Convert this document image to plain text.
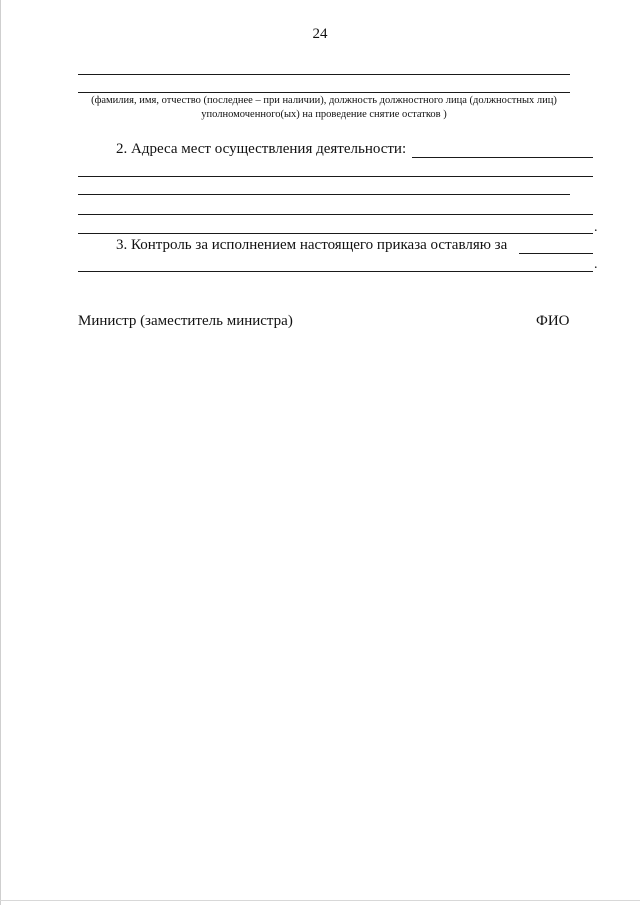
24
(фамилия, имя, отчество (последнее – при наличии), должность должностного лица (должностных лиц)
уполномоченного(ых) на проведение снятие остатков )
2. Адреса мест осуществления деятельности:
.
3. Контроль за исполнением настоящего приказа оставляю за
.
Министр (заместитель министра)	ФИО
